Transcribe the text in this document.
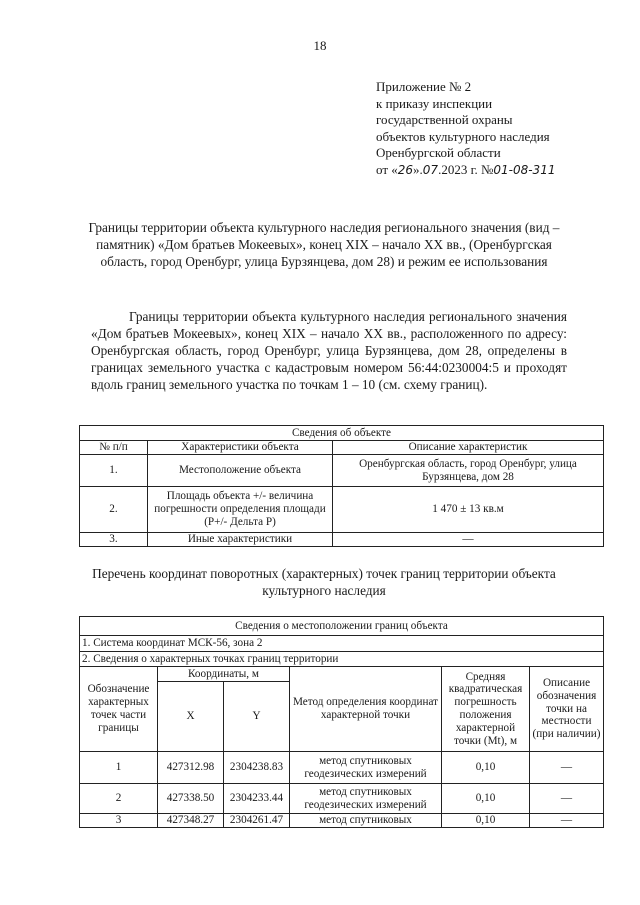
18
Приложение № 2
к приказу инспекции
государственной охраны
объектов культурного наследия
Оренбургской области
от «26».07.2023 г. №01-08-311
Границы территории объекта культурного наследия регионального значения (вид – памятник) «Дом братьев Мокеевых», конец XIX – начало XX вв., (Оренбургская область, город Оренбург, улица Бурзянцева, дом 28) и режим ее использования
Границы территории объекта культурного наследия регионального значения «Дом братьев Мокеевых», конец XIX – начало XX вв., расположенного по адресу: Оренбургская область, город Оренбург, улица Бурзянцева, дом 28, определены в границах земельного участка с кадастровым номером 56:44:0230004:5 и проходят вдоль границ земельного участка по точкам 1 – 10 (см. схему границ).
Сведения об объекте		
№ п/п	Характеристики объекта	Описание характеристик
1.	Местоположение объекта	Оренбургская область, город Оренбург, улица Бурзянцева, дом 28
2.	Площадь объекта +/- величина погрешности определения площади (P+/- Дельта P)	1 470 ± 13 кв.м
3.	Иные характеристики	—
Перечень координат поворотных (характерных) точек границ территории объекта культурного наследия
Сведения о местоположении границ объекта					
1. Система координат МСК-56, зона 2					
2. Сведения о характерных точках границ территории					
Обозначение характерных точек части границы	Координаты, м		Метод определения координат характерной точки	Средняя квадратическая погрешность положения характерной точки (Mt), м	Описание обозначения точки на местности (при наличии)
	X	Y			
1	427312.98	2304238.83	метод спутниковых геодезических измерений	0,10	—
2	427338.50	2304233.44	метод спутниковых геодезических измерений	0,10	—
3	427348.27	2304261.47	метод спутниковых	0,10	—
